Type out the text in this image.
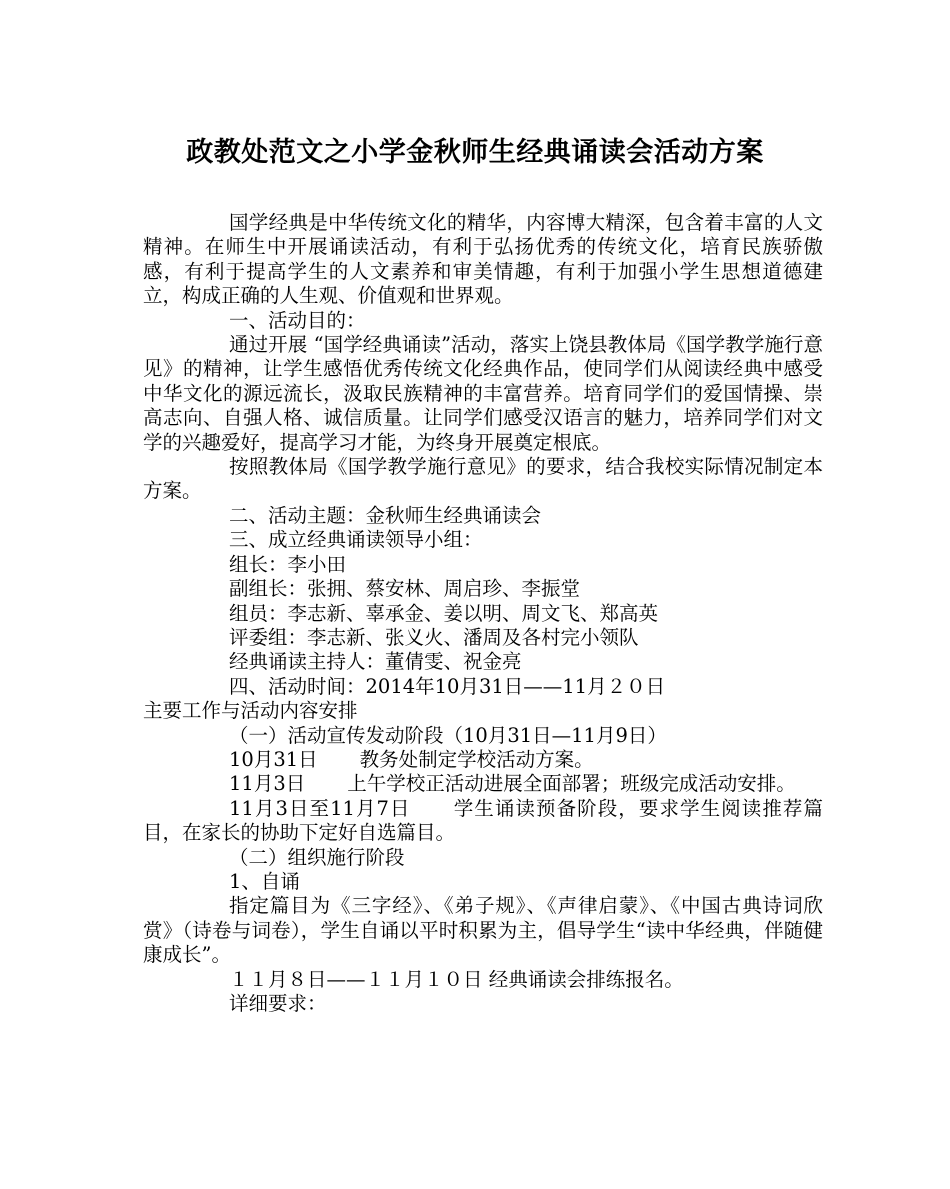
政教处范文之小学金秋师生经典诵读会活动方案

国学经典是中华传统文化的精华，内容博大精深，包含着丰富的人文精神。在师生中开展诵读活动，有利于弘扬优秀的传统文化，培育民族骄傲感，有利于提高学生的人文素养和审美情趣，有利于加强小学生思想道德建立，构成正确的人生观、价值观和世界观。

一、活动目的：

通过开展 “国学经典诵读”活动，落实上饶县教体局《国学教学施行意见》的精神，让学生感悟优秀传统文化经典作品，使同学们从阅读经典中感受中华文化的源远流长，汲取民族精神的丰富营养。培育同学们的爱国情操、崇高志向、自强人格、诚信质量。让同学们感受汉语言的魅力，培养同学们对文学的兴趣爱好，提高学习才能，为终身开展奠定根底。

按照教体局《国学教学施行意见》的要求，结合我校实际情况制定本方案。

二、活动主题：金秋师生经典诵读会

三、成立经典诵读领导小组：

组长：李小田

副组长：张拥、蔡安林、周启珍、李振堂

组员：李志新、辜承金、姜以明、周文飞、郑高英

评委组：李志新、张义火、潘周及各村完小领队

经典诵读主持人：董倩雯、祝金亮

四、活动时间：2014年10月31日——11月２０日

主要工作与活动内容安排

（一）活动宣传发动阶段（10月31日—11月9日）

10月31日 教务处制定学校活动方案。

11月3日 上午学校正活动进展全面部署；班级完成活动安排。

11月3日至11月7日 学生诵读预备阶段，要求学生阅读推荐篇目，在家长的协助下定好自选篇目。

（二）组织施行阶段

1、自诵

指定篇目为《三字经》、《弟子规》、《声律启蒙》、《中国古典诗词欣赏》（诗卷与词卷），学生自诵以平时积累为主，倡导学生“读中华经典，伴随健康成长”。

１１月８日——１１月１０日 经典诵读会排练报名。

详细要求：
